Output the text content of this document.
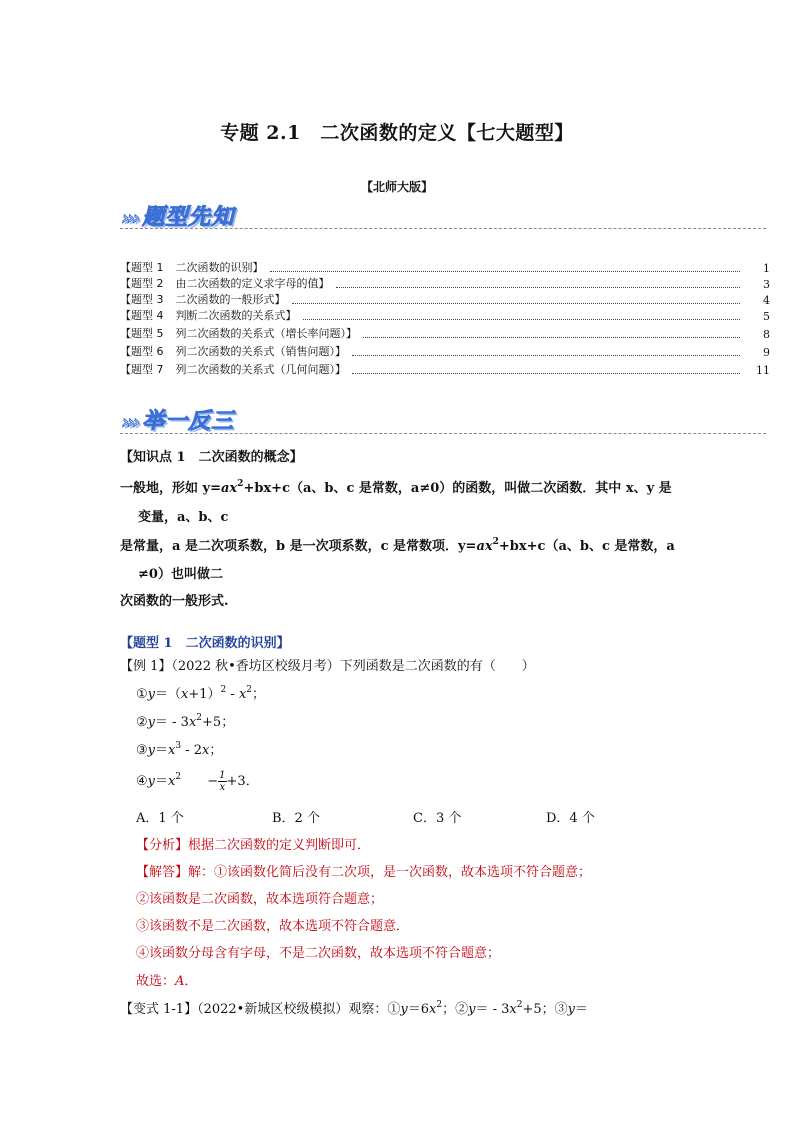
专题 2.1　二次函数的定义【七大题型】
【北师大版】
››› 题型先知
【题型 1 二次函数的识别】	1
【题型 2 由二次函数的定义求字母的值】	3
【题型 3 二次函数的一般形式】	4
【题型 4 判断二次函数的关系式】	5
【题型 5 列二次函数的关系式（增长率问题）】	8
【题型 6 列二次函数的关系式（销售问题）】	9
【题型 7 列二次函数的关系式（几何问题）】	11
››› 举一反三
【知识点 1　二次函数的概念】
一般地，形如 $y=ax^2+bx+c(a$、b、c 是常数，a≠0）的函数，叫做二次函数．其中 x、y 是
变量，a、b、c
是常量，a 是二次项系数，b 是一次项系数，c 是常数项．$y=ax^2+bx+c(a$、b、c 是常数，a
≠0）也叫做二
次函数的一般形式.
【题型 1　二次函数的识别】
【例 1】（2022 秋•香坊区校级月考）下列函数是二次函数的有（　　）
$①y=(x+1)^2 - x^2$；
②y＝ - $3x^2+5$；
$③y=x^3 - 2x$；
$④y=x^2 - \frac{1}{x} +3$．
A．1 个	B．2 个	C．3 个	D．4 个
【分析】根据二次函数的定义判断即可．
【解答】解：①该函数化简后没有二次项，是一次函数，故本选项不符合题意；
②该函数是二次函数，故本选项符合题意；
③该函数不是二次函数，故本选项不符合题意．
④该函数分母含有字母，不是二次函数，故本选项不符合题意；
故选：A．
【变式 1-1】（2022•新城区校级模拟）观察：$①y=6x^2$；②y＝ - $3x^2+5$；③y＝
